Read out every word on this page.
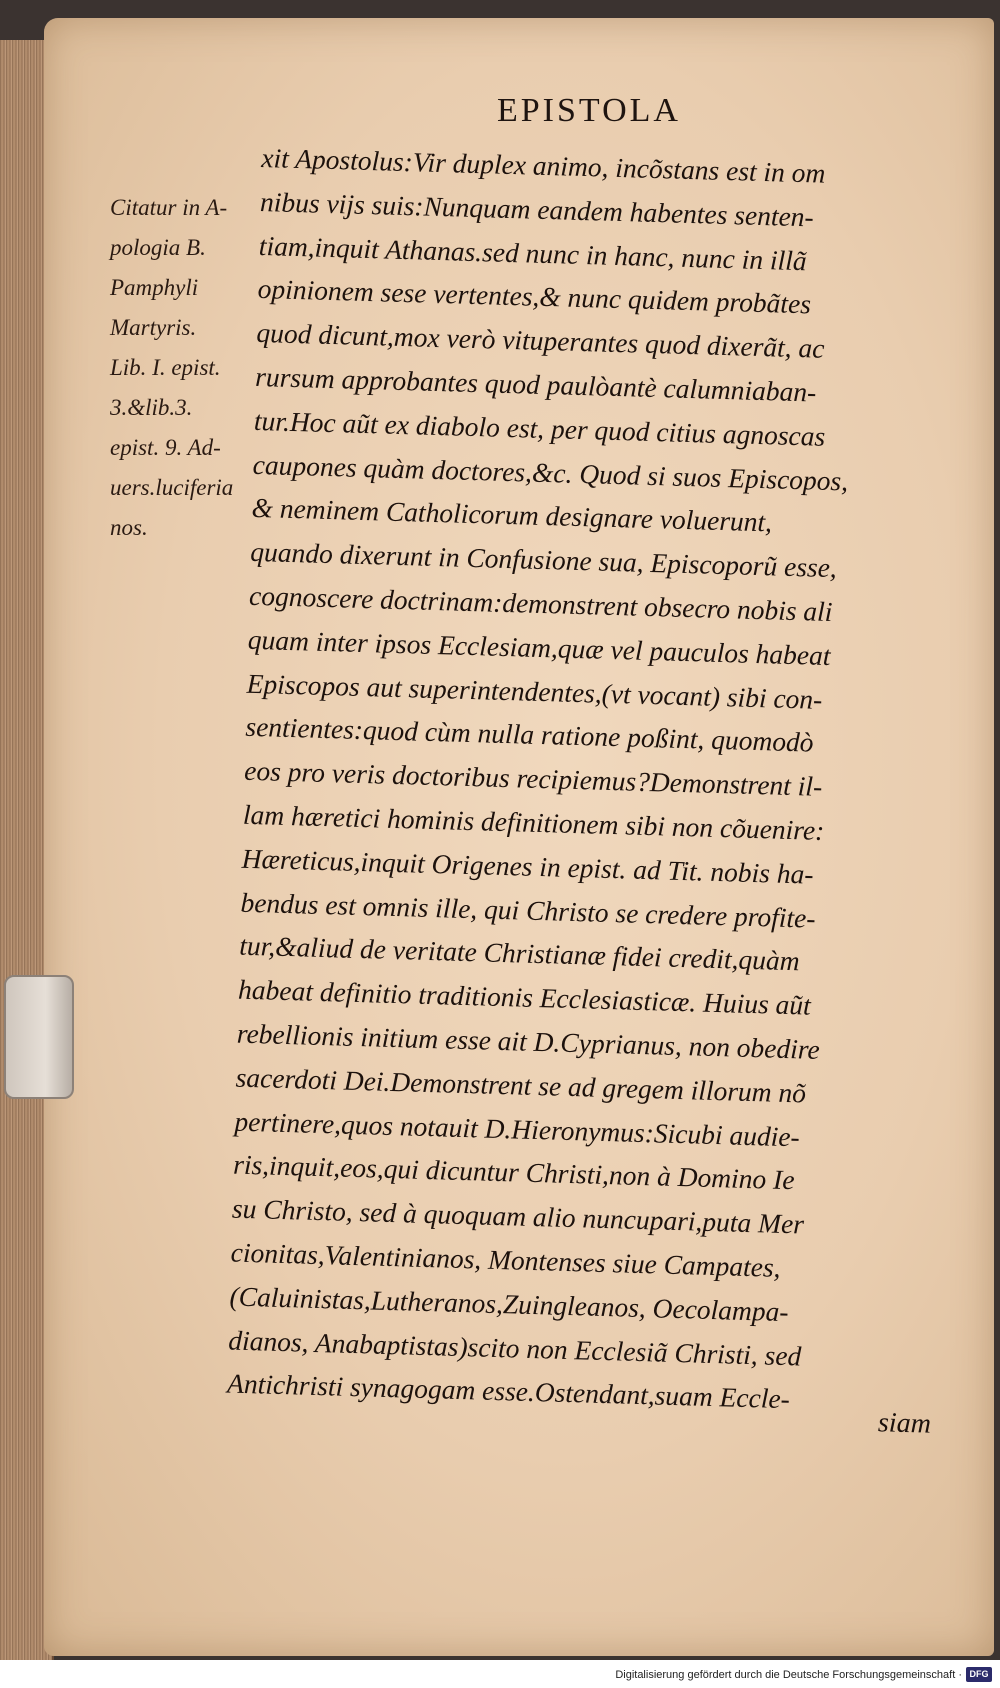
EPISTOLA
Citatur in A-
pologia B.
Pamphyli
Martyris.
Lib. I. epist.
3.&lib.3.
epist. 9. Ad-
uers.luciferia
nos.
xit Apostolus:Vir duplex animo, incõstans est in om
nibus vijs suis:Nunquam eandem habentes senten-
tiam,inquit Athanas.sed nunc in hanc, nunc in illã
opinionem sese vertentes,& nunc quidem probãtes
quod dicunt,mox verò vituperantes quod dixerãt, ac
rursum approbantes quod paulòantè calumniaban-
tur.Hoc aũt ex diabolo est, per quod citius agnoscas
caupones quàm doctores,&c. Quod si suos Episcopos,
& neminem Catholicorum designare voluerunt,
quando dixerunt in Confusione sua, Episcoporũ esse,
cognoscere doctrinam:demonstrent obsecro nobis ali
quam inter ipsos Ecclesiam,quæ vel pauculos habeat
Episcopos aut superintendentes,(vt vocant) sibi con-
sentientes:quod cùm nulla ratione poßint, quomodò
eos pro veris doctoribus recipiemus?Demonstrent il-
lam hæretici hominis definitionem sibi non cõuenire:
Hæreticus,inquit Origenes in epist. ad Tit. nobis ha-
bendus est omnis ille, qui Christo se credere profite-
tur,&aliud de veritate Christianæ fidei credit,quàm
habeat definitio traditionis Ecclesiasticæ. Huius aũt
rebellionis initium esse ait D.Cyprianus, non obedire
sacerdoti Dei.Demonstrent se ad gregem illorum nõ
pertinere,quos notauit D.Hieronymus:Sicubi audie-
ris,inquit,eos,qui dicuntur Christi,non à Domino Ie
su Christo, sed à quoquam alio nuncupari,puta Mer
cionitas,Valentinianos, Montenses siue Campates,
(Caluinistas,Lutheranos,Zuingleanos, Oecolampa-
dianos, Anabaptistas)scito non Ecclesiã Christi, sed
Antichristi synagogam esse.Ostendant,suam Eccle-
siam
Digitalisierung gefördert durch die Deutsche Forschungsgemeinschaft · DFG
